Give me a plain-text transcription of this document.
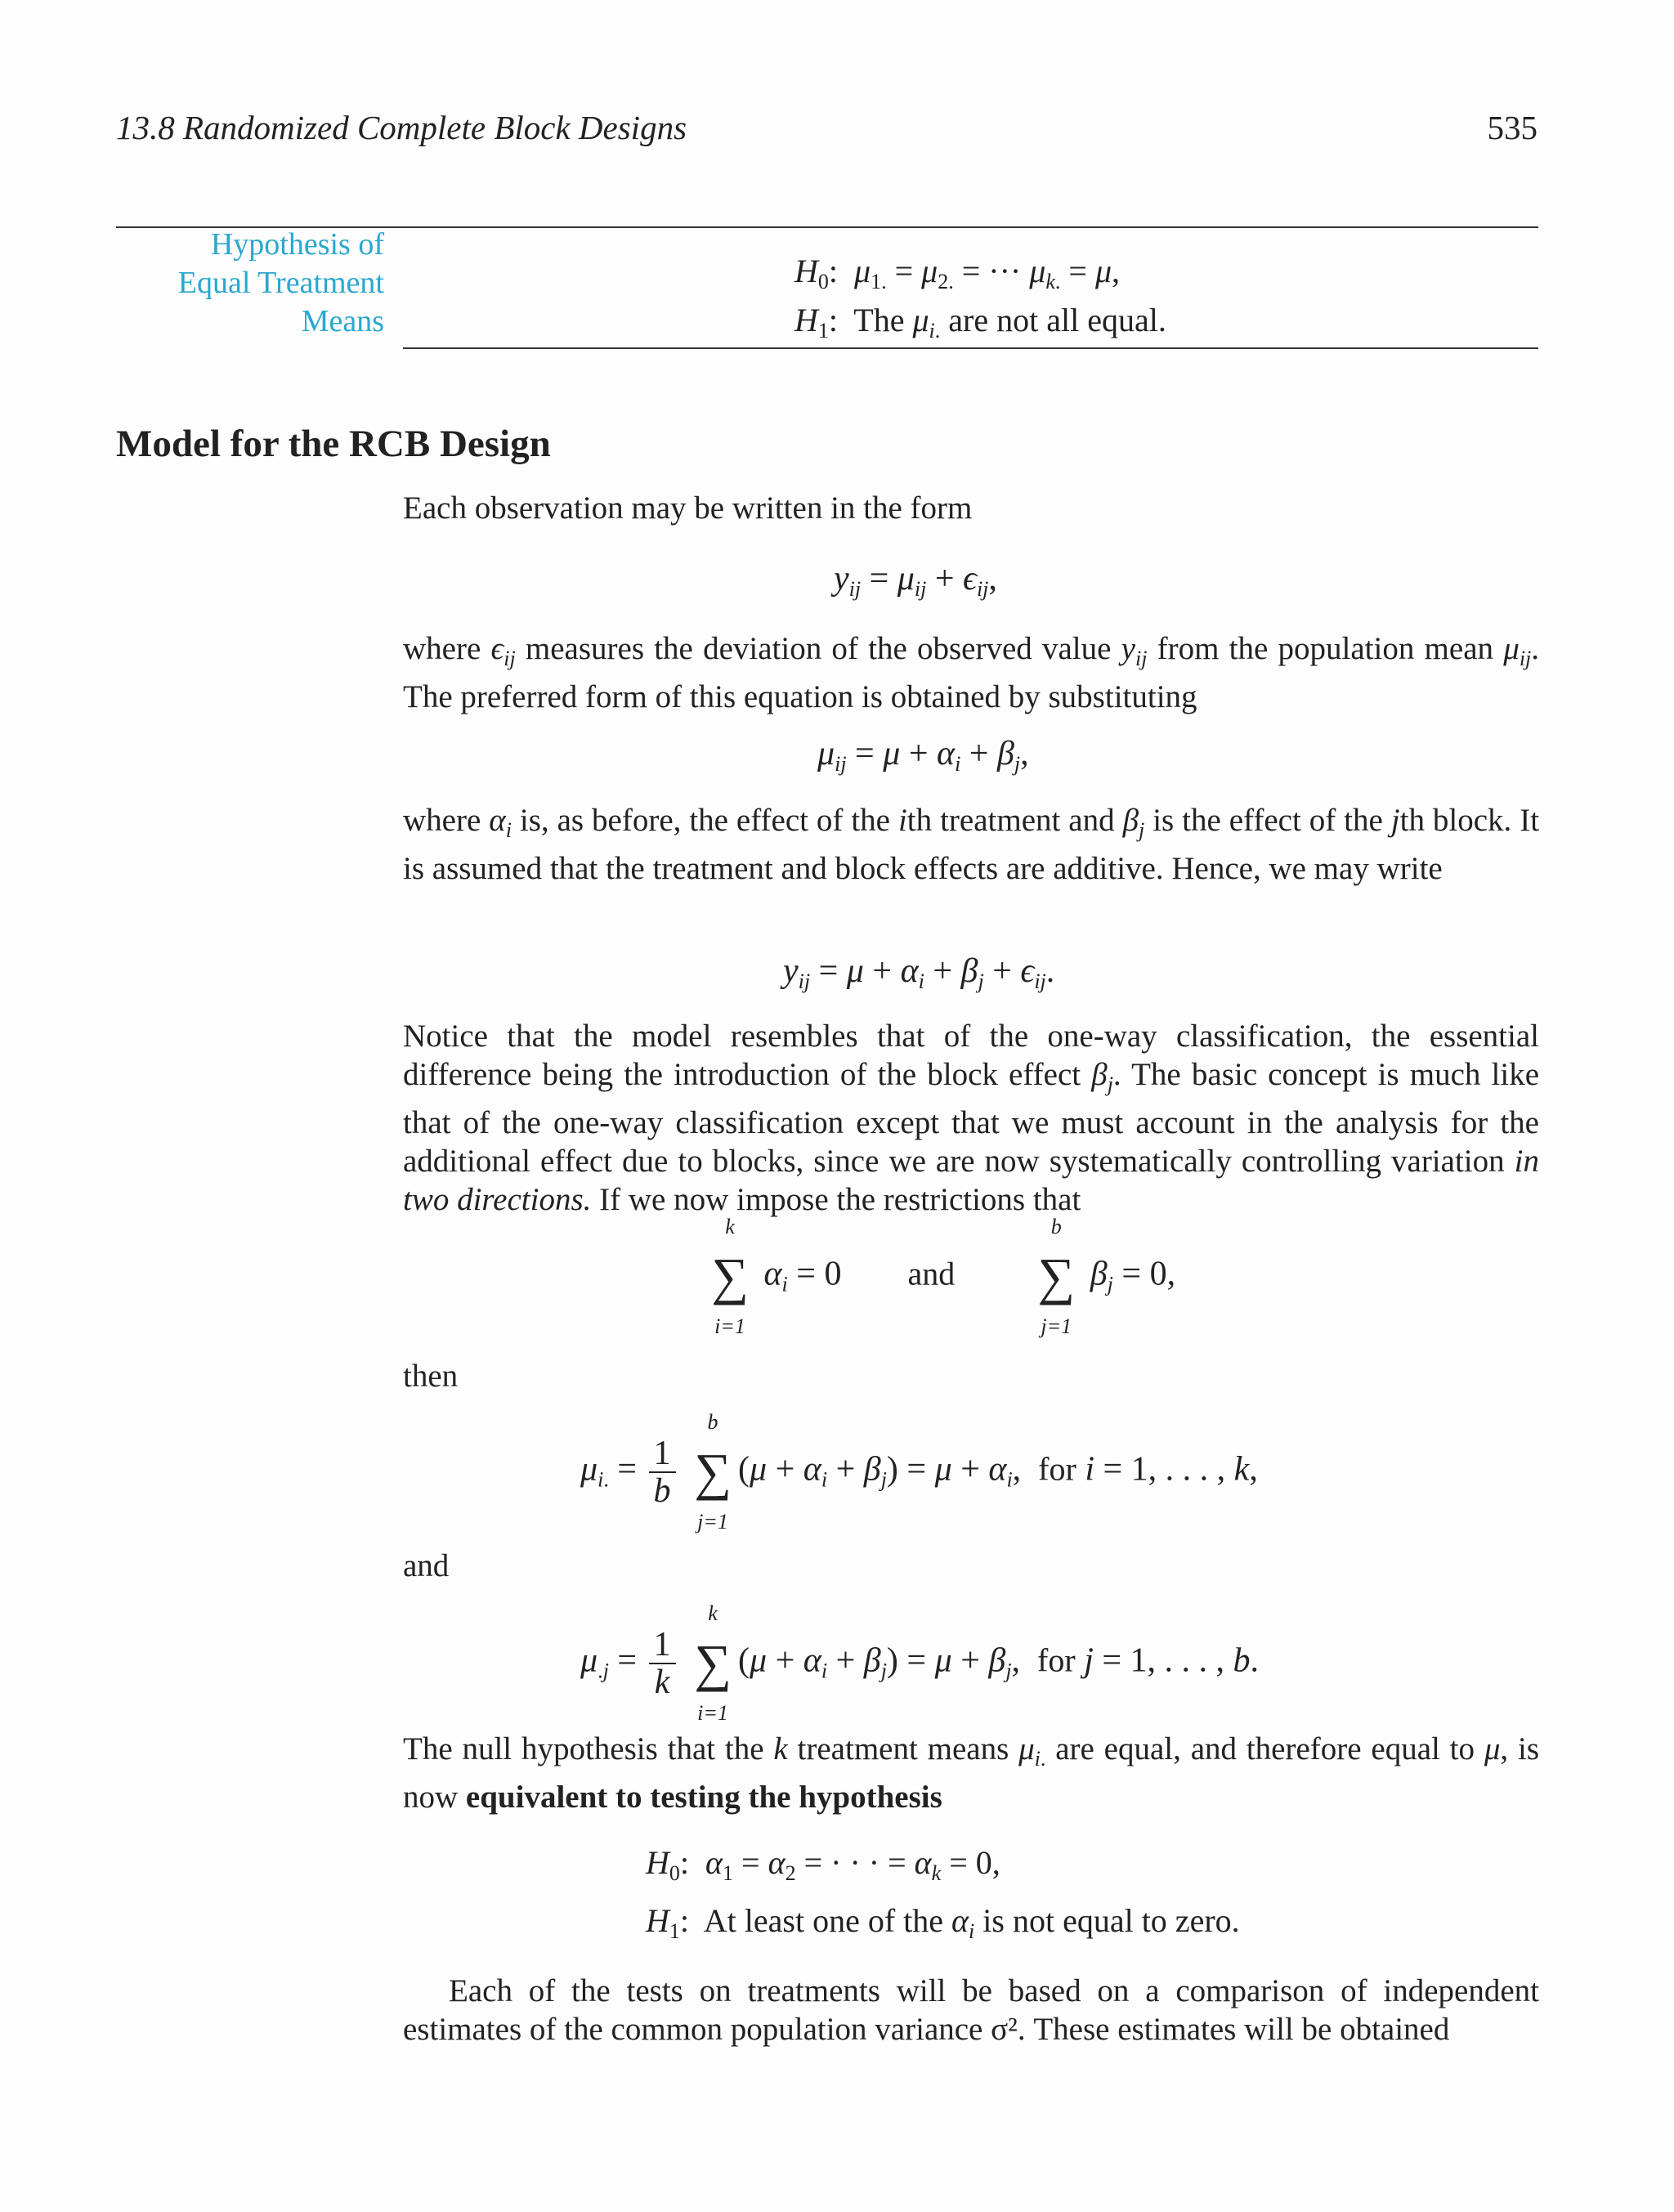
13.8 Randomized Complete Block Designs	535
Hypothesis of
Equal Treatment
Means
$H_0$:  $\mu_{1.} = \mu_{2.}$ = ··· $\mu_{k.} = \mu$,
$H_1$:  The $\mu_{i.}$ are not all equal.
Model for the RCB Design
Each observation may be written in the form
$y_{ij} = \mu_{ij} + \epsilon_{ij}$,
where $\epsilon_{ij}$ measures the deviation of the observed value $y_{ij}$ from the population mean $\mu_{ij}$. The preferred form of this equation is obtained by substituting
$\mu_{ij} = \mu + \alpha_i + \beta_j$,
where $\alpha_i$ is, as before, the effect of the ith treatment and $\beta_j$ is the effect of the jth block. It is assumed that the treatment and block effects are additive. Hence, we may write
$y_{ij} = \mu + \alpha_i + \beta_j + \epsilon_{ij}$.
Notice that the model resembles that of the one-way classification, the essential difference being the introduction of the block effect $\beta_j$. The basic concept is much like that of the one-way classification except that we must account in the analysis for the additional effect due to blocks, since we are now systematically controlling variation in two directions. If we now impose the restrictions that
k
∑
i=1
$\alpha_i = 0$  and
b
∑
j=1
$\beta_j = 0$,
then
$\mu_{i.} = \frac{1}{b}$

b
∑
j=1
$(\mu + \alpha_i + \beta_j) = \mu + \alpha_i$,  for i = 1, . . . , k,
and
$\mu_{.j} = \frac{1}{k}$

k
∑
i=1
$(\mu + \alpha_i + \beta_j) = \mu + \beta_j$,  for j = 1, . . . , b.
The null hypothesis that the k treatment means $\mu_{i.}$ are equal, and therefore equal to μ, is now equivalent to testing the hypothesis
$H_0$:  $\alpha_1 = \alpha_2$ = · · · = $\alpha_k = 0$,
$H_1$:  At least one of the $\alpha_i$ is not equal to zero.
Each of the tests on treatments will be based on a comparison of independent estimates of the common population variance σ². These estimates will be obtained
